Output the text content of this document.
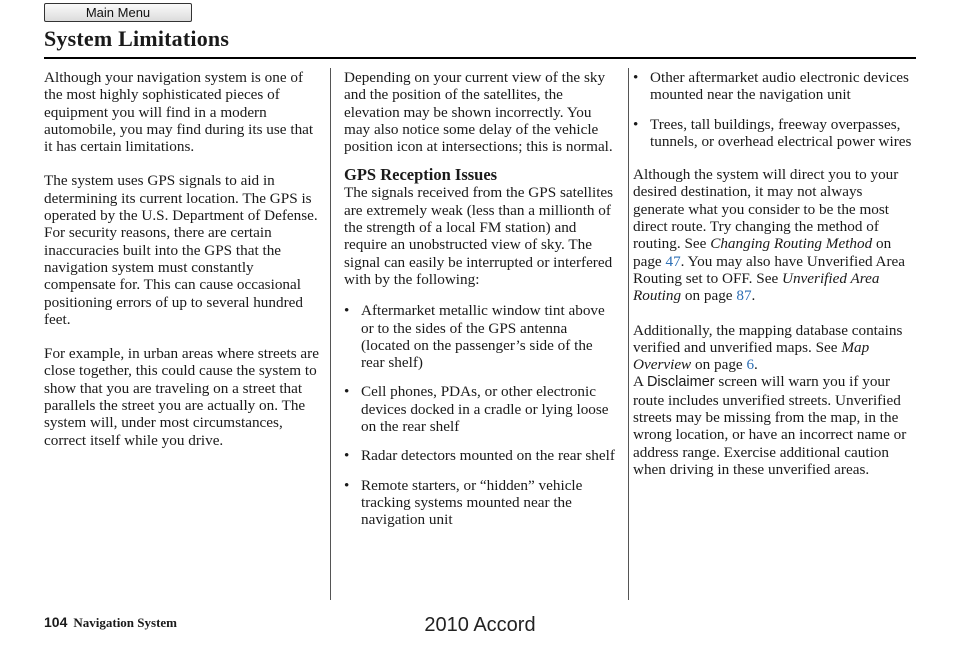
Main Menu
System Limitations

Although your navigation system is one of the most highly sophisticated pieces of equipment you will find in a modern automobile, you may find during its use that it has certain limitations.

The system uses GPS signals to aid in determining its current location. The GPS is operated by the U.S. Department of Defense. For security reasons, there are certain inaccuracies built into the GPS that the navigation system must constantly compensate for. This can cause occasional positioning errors of up to several hundred feet.

For example, in urban areas where streets are close together, this could cause the system to show that you are traveling on a street that parallels the street you are actually on. The system will, under most circumstances, correct itself while you drive.

Depending on your current view of the sky and the position of the satellites, the elevation may be shown incorrectly. You may also notice some delay of the vehicle position icon at intersections; this is normal.

GPS Reception Issues

The signals received from the GPS satellites are extremely weak (less than a millionth of the strength of a local FM station) and require an unobstructed view of sky. The signal can easily be interrupted or interfered with by the following:

• Aftermarket metallic window tint above or to the sides of the GPS antenna (located on the passenger’s side of the rear shelf)
• Cell phones, PDAs, or other electronic devices docked in a cradle or lying loose on the rear shelf
• Radar detectors mounted on the rear shelf
• Remote starters, or “hidden” vehicle tracking systems mounted near the navigation unit
• Other aftermarket audio electronic devices mounted near the navigation unit
• Trees, tall buildings, freeway overpasses, tunnels, or overhead electrical power wires

Although the system will direct you to your desired destination, it may not always generate what you consider to be the most direct route. Try changing the method of routing. See Changing Routing Method on page 47. You may also have Unverified Area Routing set to OFF. See Unverified Area Routing on page 87.

Additionally, the mapping database contains verified and unverified maps. See Map Overview on page 6.
A Disclaimer screen will warn you if your route includes unverified streets. Unverified streets may be missing from the map, in the wrong location, or have an incorrect name or address range. Exercise additional caution when driving in these unverified areas.

104 Navigation System	2010 Accord
